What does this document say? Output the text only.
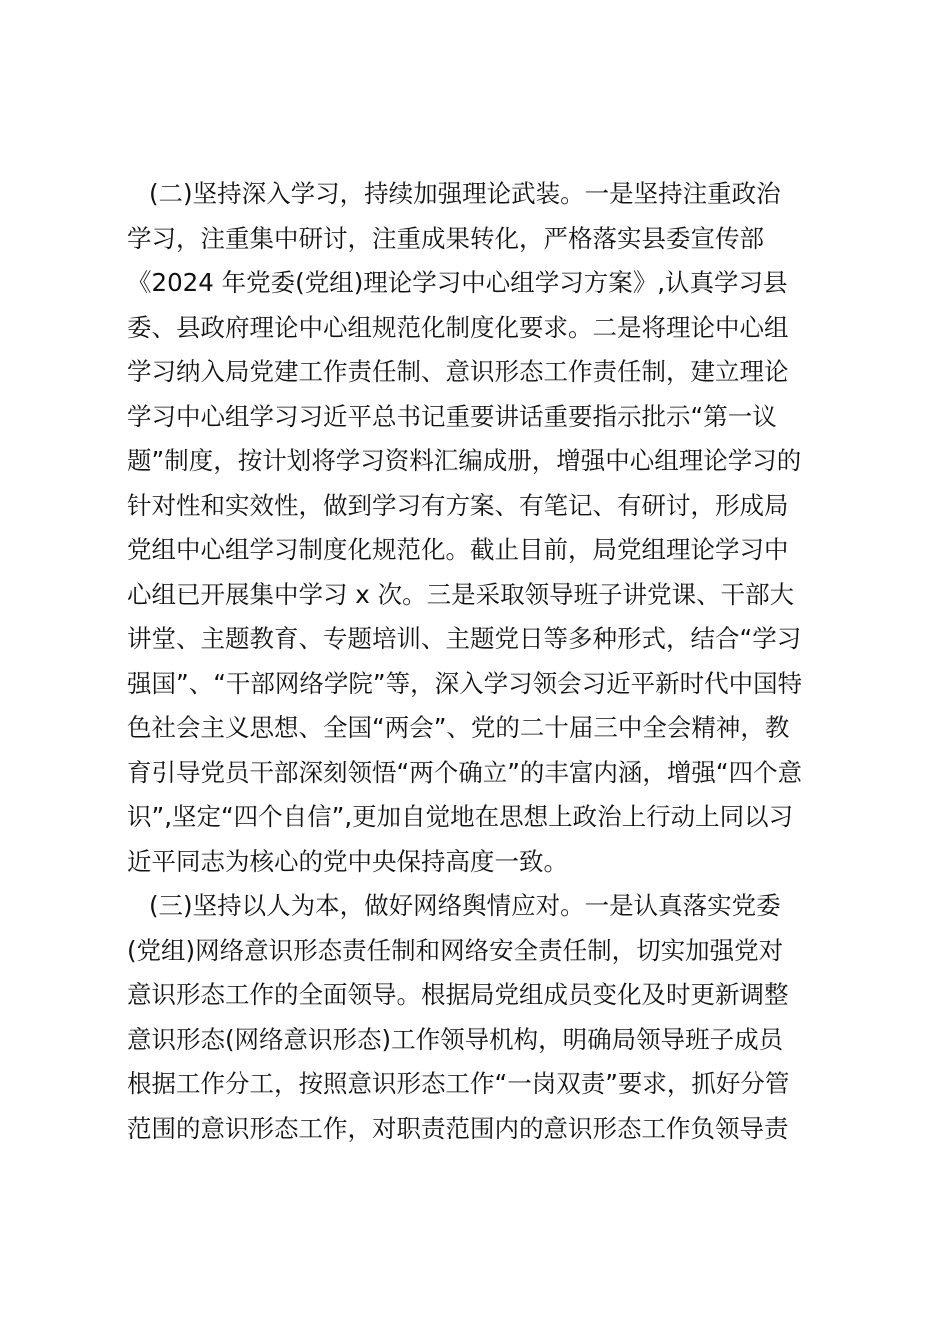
(二)坚持深入学习，持续加强理论武装。一是坚持注重政治
学习，注重集中研讨，注重成果转化，严格落实县委宣传部
《2024 年党委(党组)理论学习中心组学习方案》,认真学习县
委、县政府理论中心组规范化制度化要求。二是将理论中心组
学习纳入局党建工作责任制、意识形态工作责任制，建立理论
学习中心组学习习近平总书记重要讲话重要指示批示“第一议
题”制度，按计划将学习资料汇编成册，增强中心组理论学习的
针对性和实效性，做到学习有方案、有笔记、有研讨，形成局
党组中心组学习制度化规范化。截止目前，局党组理论学习中
心组已开展集中学习 x 次。三是采取领导班子讲党课、干部大
讲堂、主题教育、专题培训、主题党日等多种形式，结合“学习
强国”、“干部网络学院”等，深入学习领会习近平新时代中国特
色社会主义思想、全国“两会”、党的二十届三中全会精神，教
育引导党员干部深刻领悟“两个确立”的丰富内涵，增强“四个意
识”,坚定“四个自信”,更加自觉地在思想上政治上行动上同以习
近平同志为核心的党中央保持高度一致。
(三)坚持以人为本，做好网络舆情应对。一是认真落实党委
(党组)网络意识形态责任制和网络安全责任制，切实加强党对
意识形态工作的全面领导。根据局党组成员变化及时更新调整
意识形态(网络意识形态)工作领导机构，明确局领导班子成员
根据工作分工，按照意识形态工作“一岗双责”要求，抓好分管
范围的意识形态工作，对职责范围内的意识形态工作负领导责
